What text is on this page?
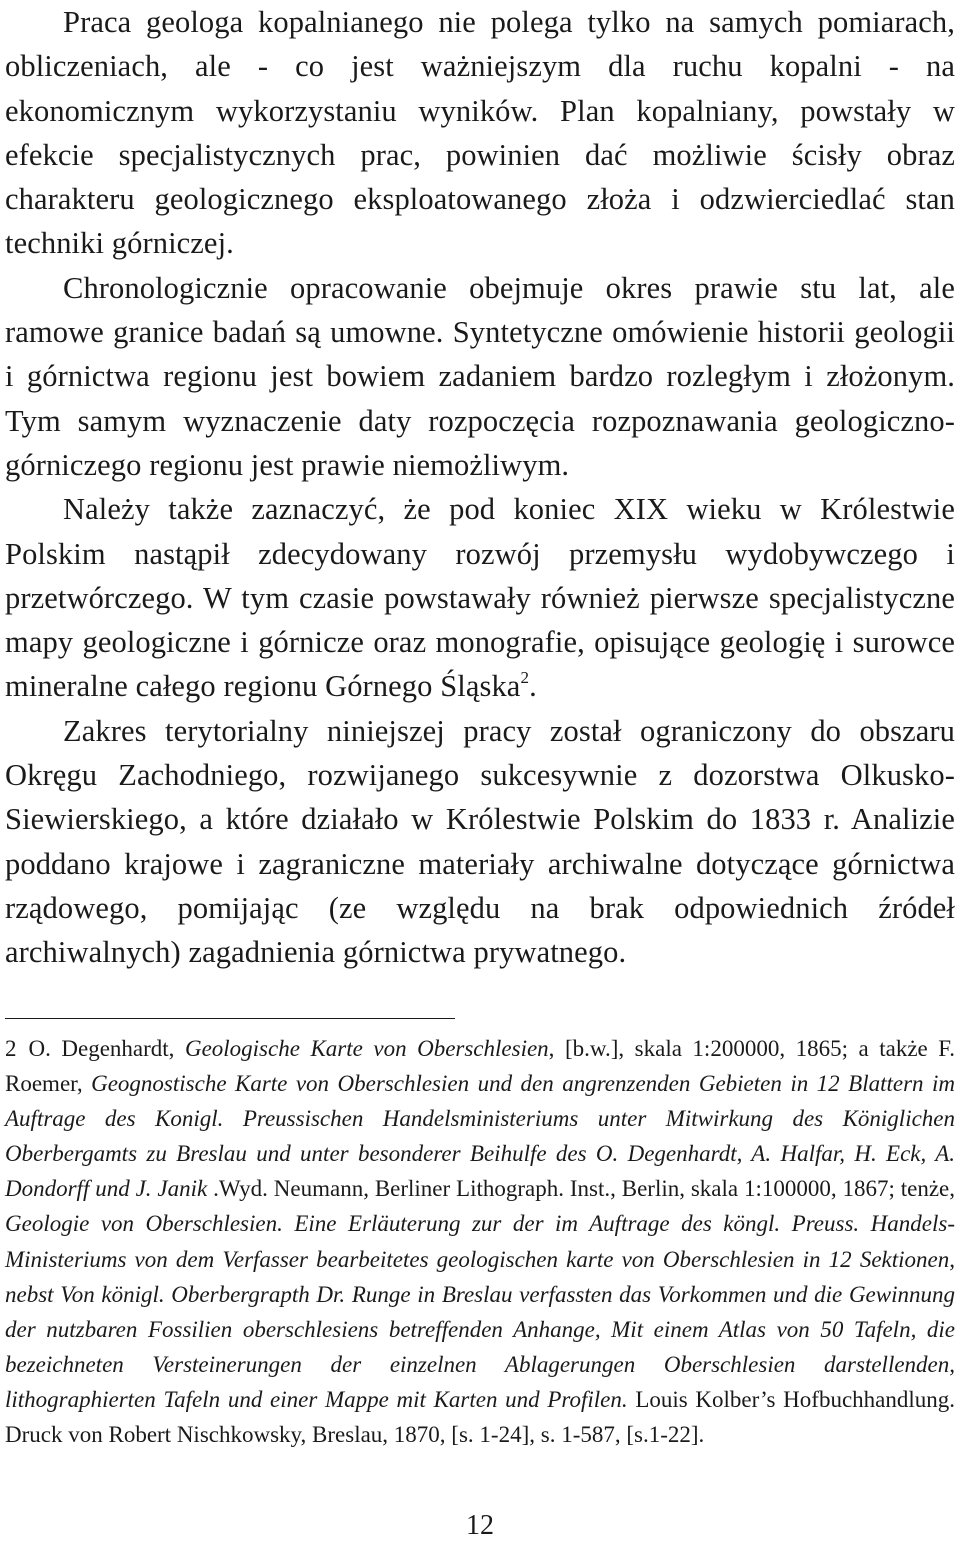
Praca geologa kopalnianego nie polega tylko na samych pomiarach, obliczeniach, ale - co jest ważniejszym dla ruchu kopalni - na ekonomicznym wykorzystaniu wyników. Plan kopalniany, powstały w efekcie specjalistycznych prac, powinien dać możliwie ścisły obraz charakteru geologicznego eksploatowanego złoża i odzwierciedlać stan techniki górniczej.

Chronologicznie opracowanie obejmuje okres prawie stu lat, ale ramowe granice badań są umowne. Syntetyczne omówienie historii geologii i górnictwa regionu jest bowiem zadaniem bardzo rozległym i złożonym. Tym samym wyznaczenie daty rozpoczęcia rozpoznawania geologiczno-górniczego regionu jest prawie niemożliwym.

Należy także zaznaczyć, że pod koniec XIX wieku w Królestwie Polskim nastąpił zdecydowany rozwój przemysłu wydobywczego i przetwórczego. W tym czasie powstawały również pierwsze specjalistyczne mapy geologiczne i górnicze oraz monografie, opisujące geologię i surowce mineralne całego regionu Górnego Śląska$^2$.

Zakres terytorialny niniejszej pracy został ograniczony do obszaru Okręgu Zachodniego, rozwijanego sukcesywnie z dozorstwa Olkusko-Siewierskiego, a które działało w Królestwie Polskim do 1833 r. Analizie poddano krajowe i zagraniczne materiały archiwalne dotyczące górnictwa rządowego, pomijając (ze względu na brak odpowiednich źródeł archiwalnych) zagadnienia górnictwa prywatnego.

2 O. Degenhardt, Geologische Karte von Oberschlesien, [b.w.], skala 1:200000, 1865; a także F. Roemer, Geognostische Karte von Oberschlesien und den angrenzenden Gebieten in 12 Blattern im Auftrage des Konigl. Preussischen Handelsministeriums unter Mitwirkung des Königlichen Oberbergamts zu Breslau und unter besonderer Beihulfe des O. Degenhardt, A. Halfar, H. Eck, A. Dondorff und J. Janik .Wyd. Neumann, Berliner Lithograph. Inst., Berlin, skala 1:100000, 1867; tenże, Geologie von Oberschlesien. Eine Erläuterung zur der im Auftrage des köngl. Preuss. Handels-Ministeriums von dem Verfasser bearbeitetes geologischen karte von Oberschlesien in 12 Sektionen, nebst Von königl. Oberbergrapth Dr. Runge in Breslau verfassten das Vorkommen und die Gewinnung der nutzbaren Fossilien oberschlesiens betreffenden Anhange, Mit einem Atlas von 50 Tafeln, die bezeichneten Versteinerungen der einzelnen Ablagerungen Oberschlesien darstellenden, lithographierten Tafeln und einer Mappe mit Karten und Profilen. Louis Kolber’s Hofbuchhandlung. Druck von Robert Nischkowsky, Breslau, 1870, [s. 1-24], s. 1-587, [s.1-22].

12
